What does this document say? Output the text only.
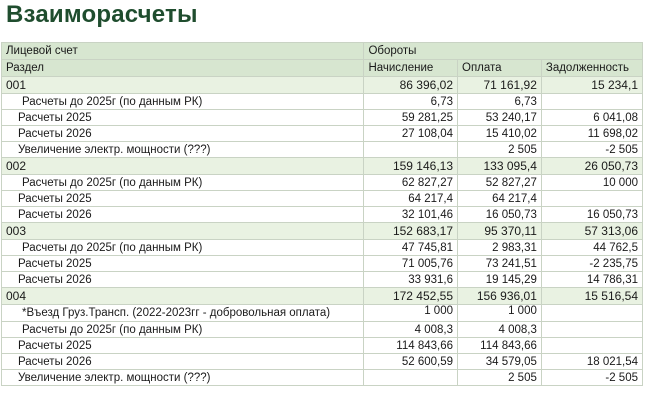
Взаиморасчеты
Лицевой счет	Обороты		
Раздел	Начисление	Оплата	Задолженность
001	86 396,02	71 161,92	15 234,1
Расчеты до 2025г (по данным РК)	6,73	6,73	
Расчеты 2025	59 281,25	53 240,17	6 041,08
Расчеты 2026	27 108,04	15 410,02	11 698,02
Увеличение электр. мощности (???)		2 505	-2 505
002	159 146,13	133 095,4	26 050,73
Расчеты до 2025г (по данным РК)	62 827,27	52 827,27	10 000
Расчеты 2025	64 217,4	64 217,4	
Расчеты 2026	32 101,46	16 050,73	16 050,73
003	152 683,17	95 370,11	57 313,06
Расчеты до 2025г (по данным РК)	47 745,81	2 983,31	44 762,5
Расчеты 2025	71 005,76	73 241,51	-2 235,75
Расчеты 2026	33 931,6	19 145,29	14 786,31
004	172 452,55	156 936,01	15 516,54
*Въезд Груз.Трансп. (2022-2023гг - добровольная оплата)	1 000	1 000	
Расчеты до 2025г (по данным РК)	4 008,3	4 008,3	
Расчеты 2025	114 843,66	114 843,66	
Расчеты 2026	52 600,59	34 579,05	18 021,54
Увеличение электр. мощности (???)		2 505	-2 505
